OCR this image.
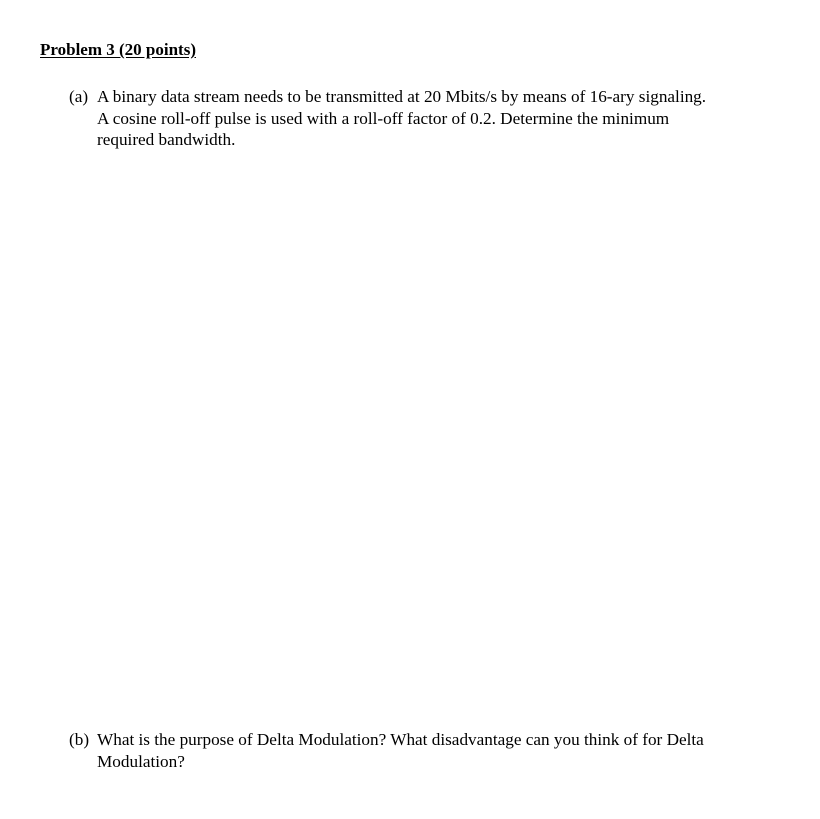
Problem 3 (20 points)
(a) A binary data stream needs to be transmitted at 20 Mbits/s by means of 16-ary signaling.
A cosine roll-off pulse is used with a roll-off factor of 0.2. Determine the minimum
required bandwidth.
(b) What is the purpose of Delta Modulation? What disadvantage can you think of for Delta
Modulation?
